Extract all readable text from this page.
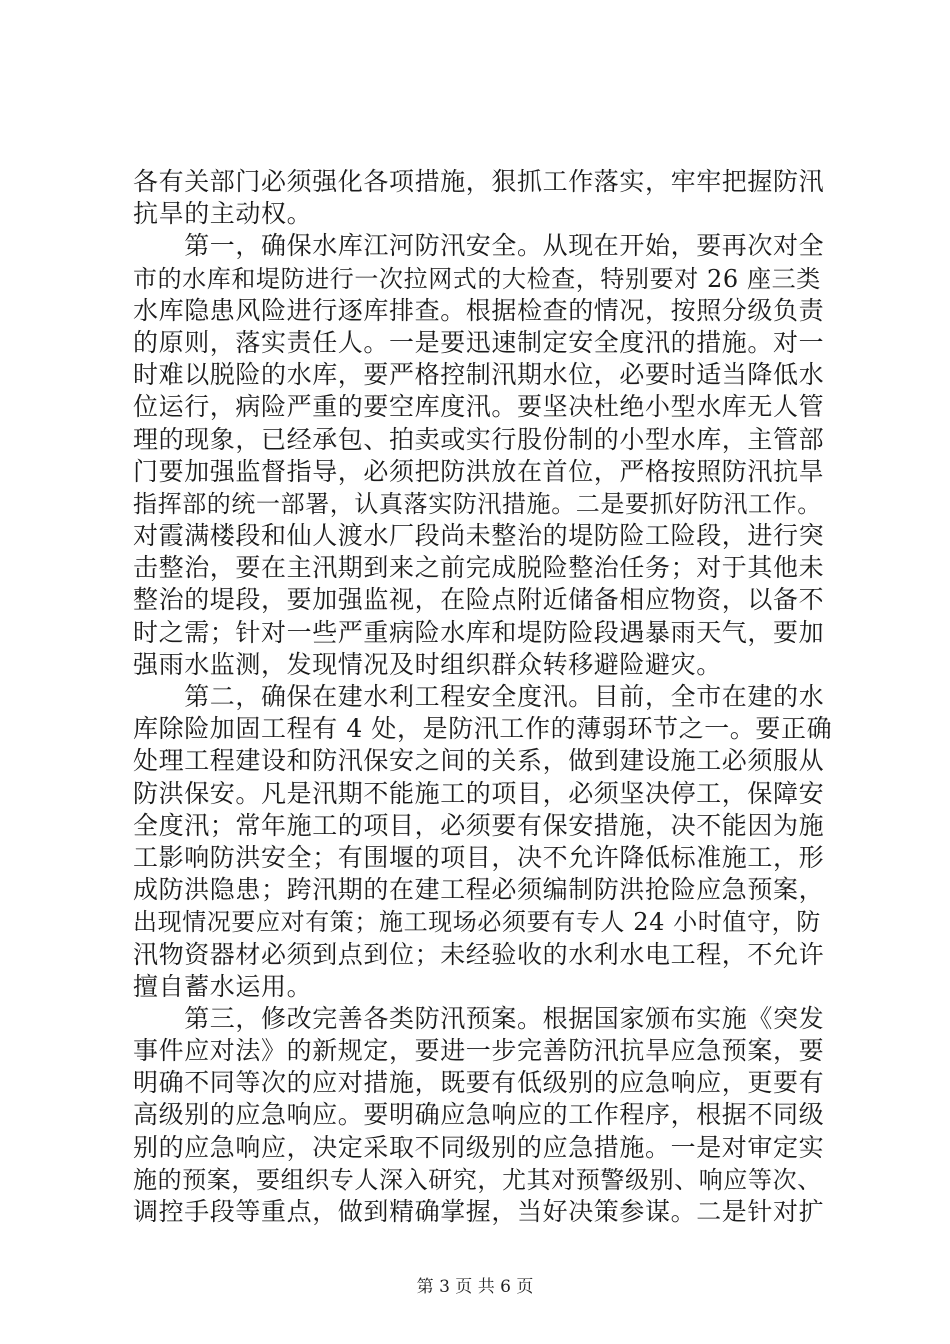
各有关部门必须强化各项措施，狠抓工作落实，牢牢把握防汛
抗旱的主动权。
　　第一，确保水库江河防汛安全。从现在开始，要再次对全
市的水库和堤防进行一次拉网式的大检查，特别要对 26 座三类
水库隐患风险进行逐库排查。根据检查的情况，按照分级负责
的原则，落实责任人。一是要迅速制定安全度汛的措施。对一
时难以脱险的水库，要严格控制汛期水位，必要时适当降低水
位运行，病险严重的要空库度汛。要坚决杜绝小型水库无人管
理的现象，已经承包、拍卖或实行股份制的小型水库，主管部
门要加强监督指导，必须把防洪放在首位，严格按照防汛抗旱
指挥部的统一部署，认真落实防汛措施。二是要抓好防汛工作。
对霞满楼段和仙人渡水厂段尚未整治的堤防险工险段，进行突
击整治，要在主汛期到来之前完成脱险整治任务；对于其他未
整治的堤段，要加强监视，在险点附近储备相应物资，以备不
时之需；针对一些严重病险水库和堤防险段遇暴雨天气，要加
强雨水监测，发现情况及时组织群众转移避险避灾。
　　第二，确保在建水利工程安全度汛。目前，全市在建的水
库除险加固工程有 4 处，是防汛工作的薄弱环节之一。要正确
处理工程建设和防汛保安之间的关系，做到建设施工必须服从
防洪保安。凡是汛期不能施工的项目，必须坚决停工，保障安
全度汛；常年施工的项目，必须要有保安措施，决不能因为施
工影响防洪安全；有围堰的项目，决不允许降低标准施工，形
成防洪隐患；跨汛期的在建工程必须编制防洪抢险应急预案，
出现情况要应对有策；施工现场必须要有专人 24 小时值守，防
汛物资器材必须到点到位；未经验收的水利水电工程，不允许
擅自蓄水运用。
　　第三，修改完善各类防汛预案。根据国家颁布实施《突发
事件应对法》的新规定，要进一步完善防汛抗旱应急预案，要
明确不同等次的应对措施，既要有低级别的应急响应，更要有
高级别的应急响应。要明确应急响应的工作程序，根据不同级
别的应急响应，决定采取不同级别的应急措施。一是对审定实
施的预案，要组织专人深入研究，尤其对预警级别、响应等次、
调控手段等重点，做到精确掌握，当好决策参谋。二是针对扩
第 3 页 共 6 页
